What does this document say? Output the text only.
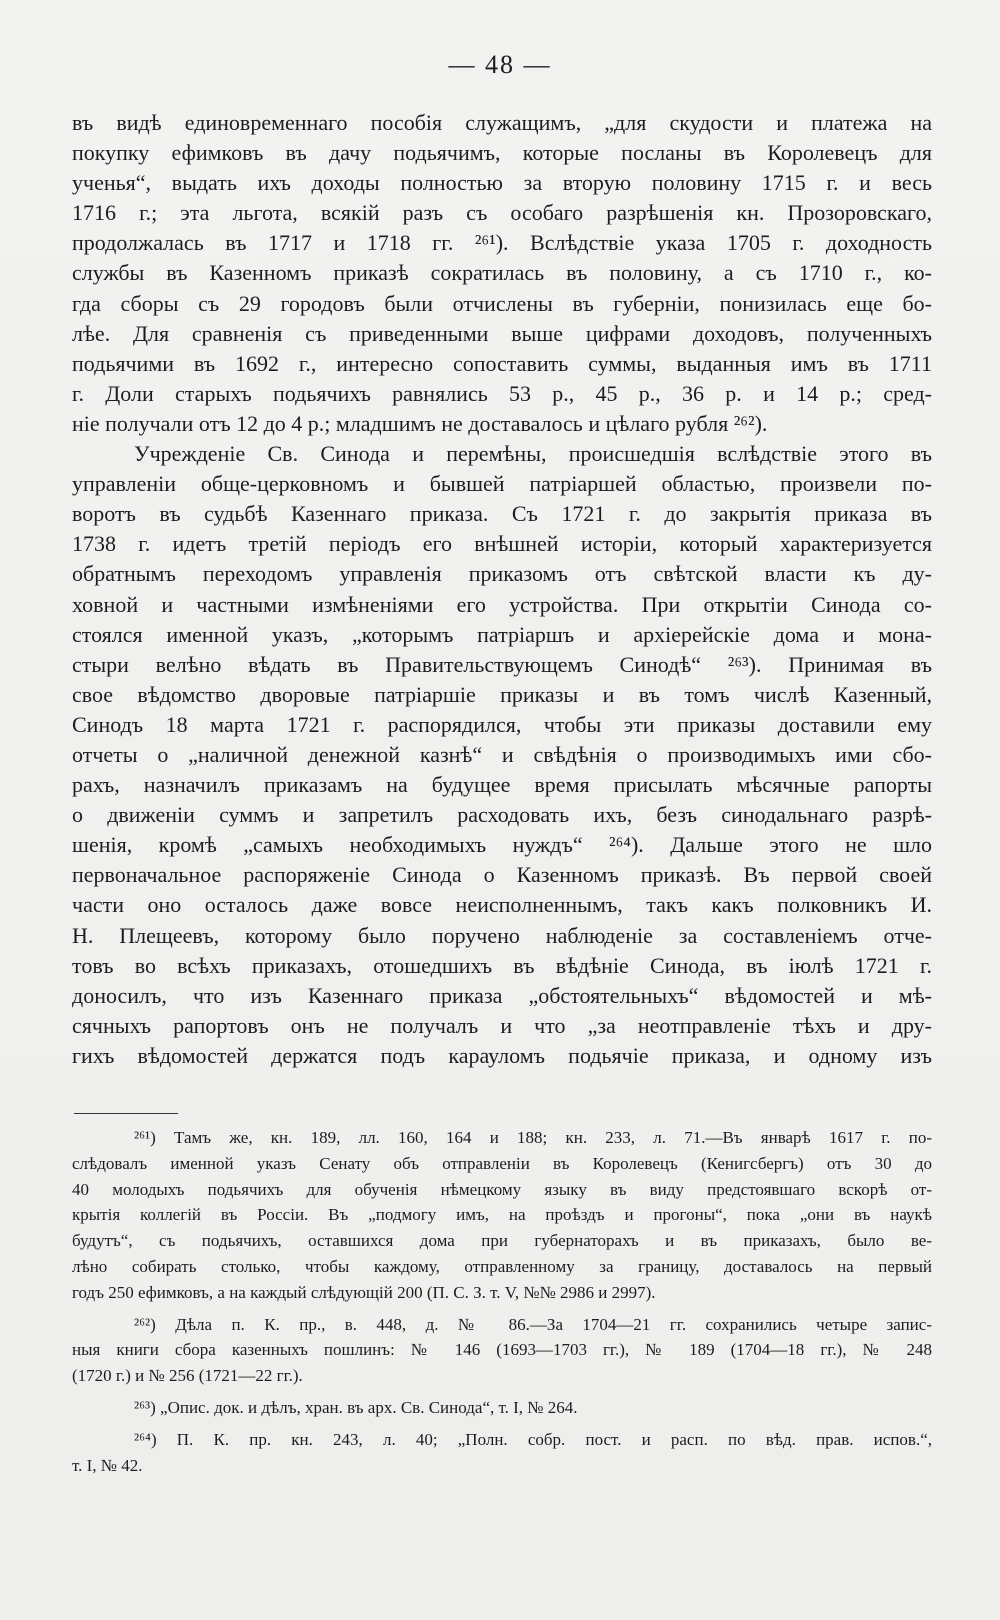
— 48 —
въ видѣ единовременнаго пособія служащимъ, „для скудости и платежа на
покупку ефимковъ въ дачу подьячимъ, которые посланы въ Королевецъ для
ученья“, выдать ихъ доходы полностью за вторую половину 1715 г. и весь
1716 г.; эта льгота, всякій разъ съ особаго разрѣшенія кн. Прозоровскаго,
продолжалась въ 1717 и 1718 гг. ²⁶¹). Вслѣдствіе указа 1705 г. доходность
службы въ Казенномъ приказѣ сократилась въ половину, а съ 1710 г., ко-
гда сборы съ 29 городовъ были отчислены въ губерніи, понизилась еще бо-
лѣе. Для сравненія съ приведенными выше цифрами доходовъ, полученныхъ
подьячими въ 1692 г., интересно сопоставить суммы, выданныя имъ въ 1711
г. Доли старыхъ подьячихъ равнялись 53 р., 45 р., 36 р. и 14 р.; сред-
ніе получали отъ 12 до 4 р.; младшимъ не доставалось и цѣлаго рубля ²⁶²).
Учрежденіе Св. Синода и перемѣны, происшедшія вслѣдствіе этого въ
управленіи обще-церковномъ и бывшей патріаршей областью, произвели по-
воротъ въ судьбѣ Казеннаго приказа. Съ 1721 г. до закрытія приказа въ
1738 г. идетъ третій періодъ его внѣшней исторіи, который характеризуется
обратнымъ переходомъ управленія приказомъ отъ свѣтской власти къ ду-
ховной и частными измѣненіями его устройства. При открытіи Синода со-
стоялся именной указъ, „которымъ патріаршъ и архіерейскіе дома и мона-
стыри велѣно вѣдать въ Правительствующемъ Синодѣ“ ²⁶³). Принимая въ
свое вѣдомство дворовые патріаршіе приказы и въ томъ числѣ Казенный,
Синодъ 18 марта 1721 г. распорядился, чтобы эти приказы доставили ему
отчеты о „наличной денежной казнѣ“ и свѣдѣнія о производимыхъ ими сбо-
рахъ, назначилъ приказамъ на будущее время присылать мѣсячные рапорты
о движеніи суммъ и запретилъ расходовать ихъ, безъ синодальнаго разрѣ-
шенія, кромѣ „самыхъ необходимыхъ нуждъ“ ²⁶⁴). Дальше этого не шло
первоначальное распоряженіе Синода о Казенномъ приказѣ. Въ первой своей
части оно осталось даже вовсе неисполненнымъ, такъ какъ полковникъ И.
Н. Плещеевъ, которому было поручено наблюденіе за составленіемъ отче-
товъ во всѣхъ приказахъ, отошедшихъ въ вѣдѣніе Синода, въ іюлѣ 1721 г.
доносилъ, что изъ Казеннаго приказа „обстоятельныхъ“ вѣдомостей и мѣ-
сячныхъ рапортовъ онъ не получалъ и что „за неотправленіе тѣхъ и дру-
гихъ вѣдомостей держатся подъ карауломъ подьячіе приказа, и одному изъ
²⁶¹) Тамъ же, кн. 189, лл. 160, 164 и 188; кн. 233, л. 71.—Въ январѣ 1617 г. по-
слѣдовалъ именной указъ Сенату объ отправленіи въ Королевецъ (Кенигсбергъ) отъ 30 до
40 молодыхъ подьячихъ для обученія нѣмецкому языку въ виду предстоявшаго вскорѣ от-
крытія коллегій въ Россіи. Въ „подмогу имъ, на проѣздъ и прогоны“, пока „они въ наукѣ
будутъ“, съ подьячихъ, оставшихся дома при губернаторахъ и въ приказахъ, было ве-
лѣно собирать столько, чтобы каждому, отправленному за границу, доставалось на первый
годъ 250 ефимковъ, а на каждый слѣдующій 200 (П. С. З. т. V, №№ 2986 и 2997).
²⁶²) Дѣла п. К. пр., в. 448, д. № 86.—За 1704—21 гг. сохранились четыре запис-
ныя книги сбора казенныхъ пошлинъ: № 146 (1693—1703 гг.), № 189 (1704—18 гг.), № 248
(1720 г.) и № 256 (1721—22 гг.).
²⁶³) „Опис. док. и дѣлъ, хран. въ арх. Св. Синода“, т. I, № 264.
²⁶⁴) П. К. пр. кн. 243, л. 40; „Полн. собр. пост. и расп. по вѣд. прав. испов.“,
т. I, № 42.
